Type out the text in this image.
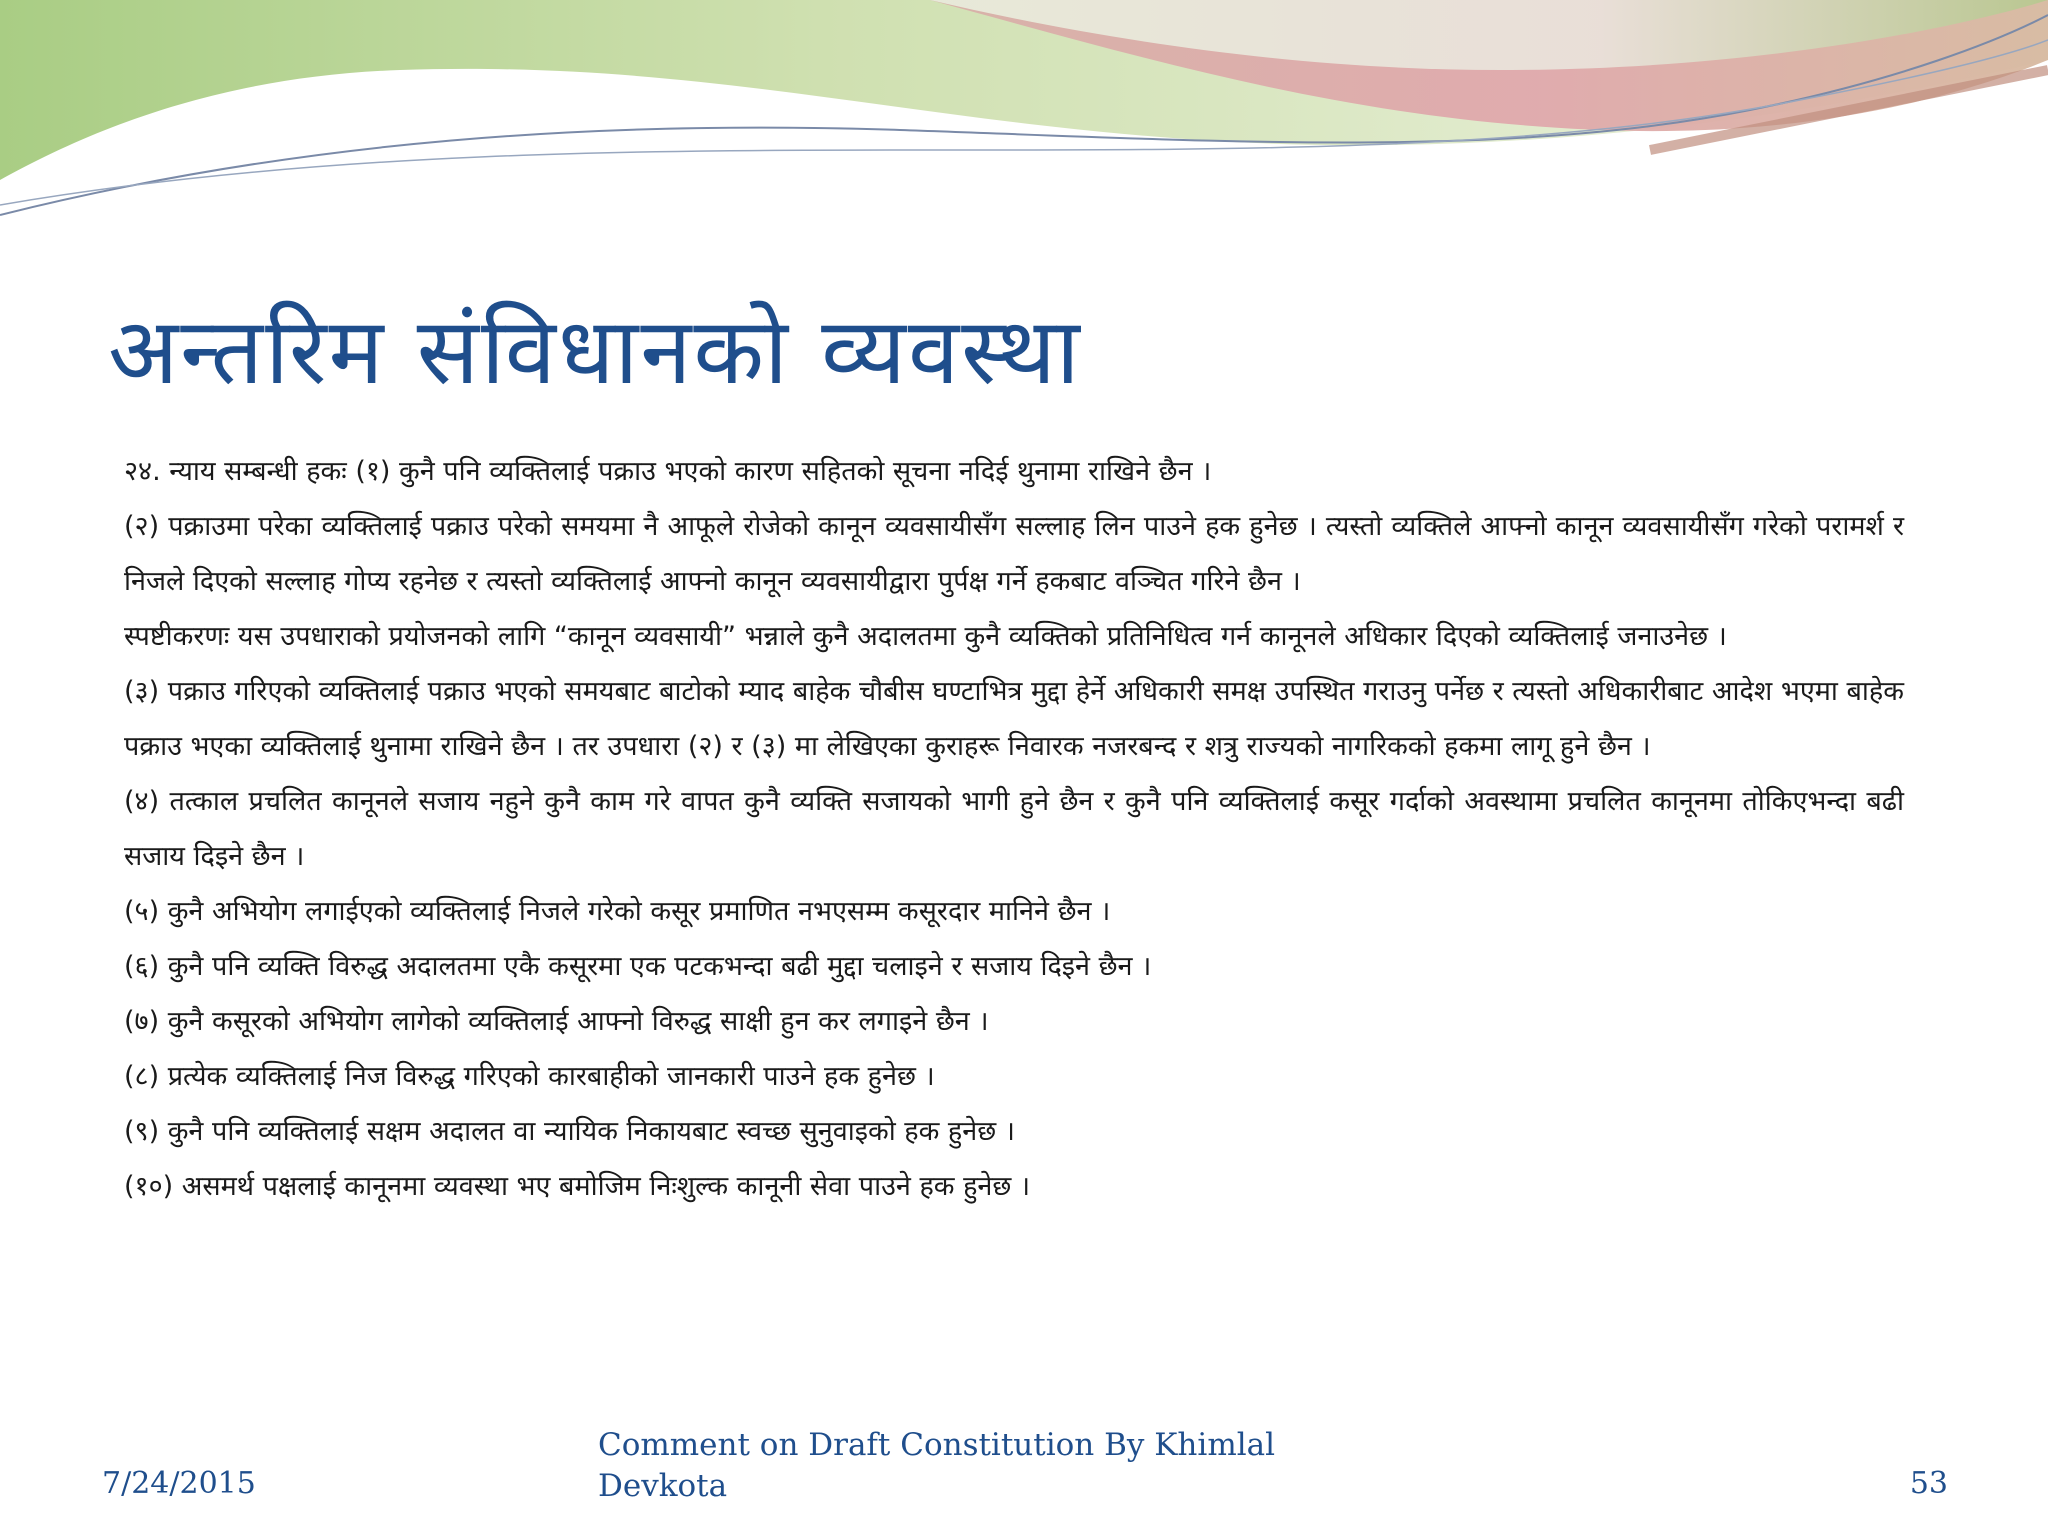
अन्तरिम संविधानको व्यवस्था

२४. न्याय सम्बन्धी हकः (१) कुनै पनि व्यक्तिलाई पक्राउ भएको कारण सहितको सूचना नदिई थुनामा राखिने छैन ।

(२) पक्राउमा परेका व्यक्तिलाई पक्राउ परेको समयमा नै आफूले रोजेको कानून व्यवसायीसँग सल्लाह लिन पाउने हक हुनेछ । त्यस्तो व्यक्तिले आफ्नो कानून व्यवसायीसँग गरेको परामर्श र निजले दिएको सल्लाह गोप्य रहनेछ र त्यस्तो व्यक्तिलाई आफ्नो कानून व्यवसायीद्वारा पुर्पक्ष गर्ने हकबाट वञ्चित गरिने छैन ।

स्पष्टीकरणः यस उपधाराको प्रयोजनको लागि “कानून व्यवसायी” भन्नाले कुनै अदालतमा कुनै व्यक्तिको प्रतिनिधित्व गर्न कानूनले अधिकार दिएको व्यक्तिलाई जनाउनेछ ।

(३) पक्राउ गरिएको व्यक्तिलाई पक्राउ भएको समयबाट बाटोको म्याद बाहेक चौबीस घण्टाभित्र मुद्दा हेर्ने अधिकारी समक्ष उपस्थित गराउनु पर्नेछ र त्यस्तो अधिकारीबाट आदेश भएमा बाहेक पक्राउ भएका व्यक्तिलाई थुनामा राखिने छैन । तर उपधारा (२) र (३) मा लेखिएका कुराहरू निवारक नजरबन्द र शत्रु राज्यको नागरिकको हकमा लागू हुने छैन ।

(४) तत्काल प्रचलित कानूनले सजाय नहुने कुनै काम गरे वापत कुनै व्यक्ति सजायको भागी हुने छैन र कुनै पनि व्यक्तिलाई कसूर गर्दाको अवस्थामा प्रचलित कानूनमा तोकिएभन्दा बढी सजाय दिइने छैन ।

(५) कुनै अभियोग लगाईएको व्यक्तिलाई निजले गरेको कसूर प्रमाणित नभएसम्म कसूरदार मानिने छैन ।

(६) कुनै पनि व्यक्ति विरुद्ध अदालतमा एकै कसूरमा एक पटकभन्दा बढी मुद्दा चलाइने र सजाय दिइने छैन ।

(७) कुनै कसूरको अभियोग लागेको व्यक्तिलाई आफ्नो विरुद्ध साक्षी हुन कर लगाइने छैन ।

(८) प्रत्येक व्यक्तिलाई निज विरुद्ध गरिएको कारबाहीको जानकारी पाउने हक हुनेछ ।

(९) कुनै पनि व्यक्तिलाई सक्षम अदालत वा न्यायिक निकायबाट स्वच्छ सुनुवाइको हक हुनेछ ।

(१०) असमर्थ पक्षलाई कानूनमा व्यवस्था भए बमोजिम निःशुल्क कानूनी सेवा पाउने हक हुनेछ ।

7/24/2015
Comment on Draft Constitution By Khimlal Devkota	53
